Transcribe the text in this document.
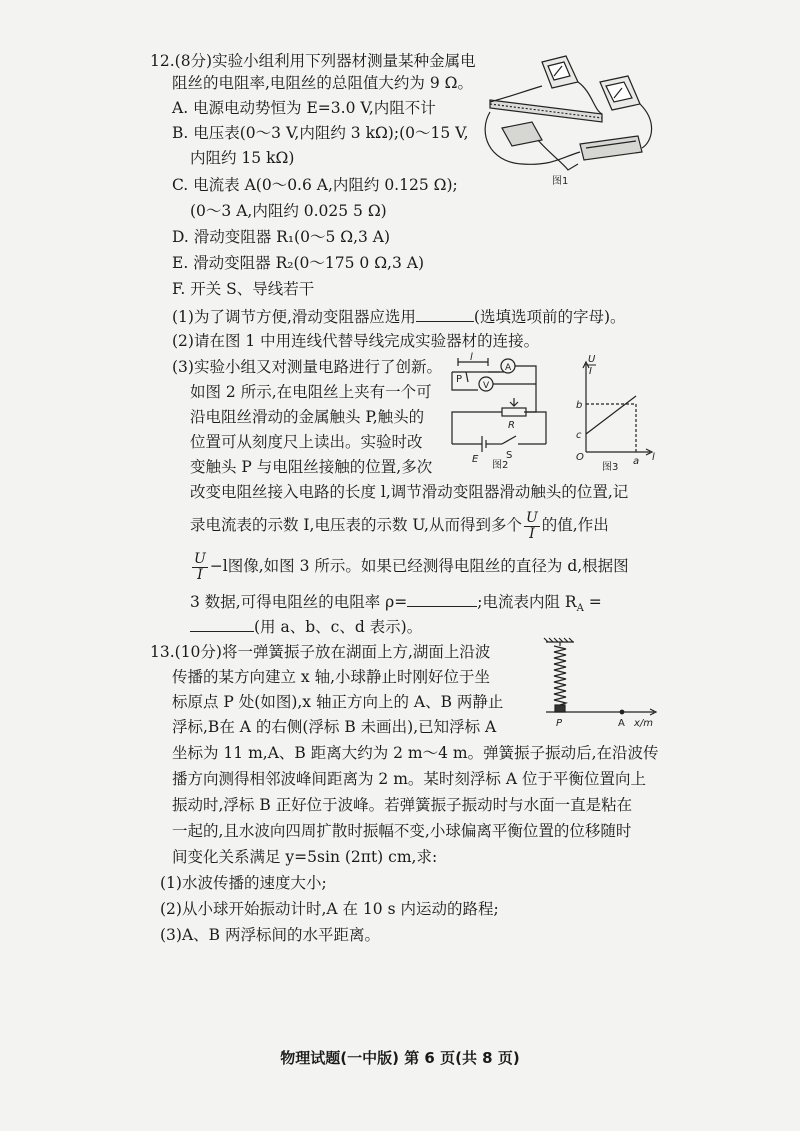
12.(8分)实验小组利用下列器材测量某种金属电
阻丝的电阻率,电阻丝的总阻值大约为 9 Ω。
A. 电源电动势恒为 E=3.0 V,内阻不计
B. 电压表(0～3 V,内阻约 3 kΩ);(0～15 V,
内阻约 15 kΩ)
C. 电流表 A(0～0.6 A,内阻约 0.125 Ω);
(0～3 A,内阻约 0.025 5 Ω)
D. 滑动变阻器 R₁(0～5 Ω,3 A)
E. 滑动变阻器 R₂(0～175 0 Ω,3 A)
F. 开关 S、导线若干
(1)为了调节方便,滑动变阻器应选用	(选填选项前的字母)。
(2)请在图 1 中用连线代替导线完成实验器材的连接。
(3)实验小组又对测量电路进行了创新。
如图 2 所示,在电阻丝上夹有一个可
沿电阻丝滑动的金属触头 P,触头的
位置可从刻度尺上读出。实验时改
变触头 P 与电阻丝接触的位置,多次
改变电阻丝接入电路的长度 l,调节滑动变阻器滑动触头的位置,记
录电流表的示数 I,电压表的示数 U,从而得到多个 $\frac{U}{I}$ 的值,作出
$\frac{U}{I} -l$图像,如图 3 所示。如果已经测得电阻丝的直径为 d,根据图
3 数据,可得电阻丝的电阻率 ρ=	;电流表内阻 $R_A$ =
(用 a、b、c、d 表示)。
图1
l
P
A
V
R
E	S
图2
U
I
b
c
O	a l
图3
13.(10分)将一弹簧振子放在湖面上方,湖面上沿波
传播的某方向建立 x 轴,小球静止时刚好位于坐
标原点 P 处(如图),x 轴正方向上的 A、B 两静止
浮标,B在 A 的右侧(浮标 B 未画出),已知浮标 A
坐标为 11 m,A、B 距离大约为 2 m～4 m。弹簧振子振动后,在沿波传
播方向测得相邻波峰间距离为 2 m。某时刻浮标 A 位于平衡位置向上
振动时,浮标 B 正好位于波峰。若弹簧振子振动时与水面一直是粘在
一起的,且水波向四周扩散时振幅不变,小球偏离平衡位置的位移随时
间变化关系满足 y=5sin (2πt) cm,求:
(1)水波传播的速度大小;
(2)从小球开始振动计时,A 在 10 s 内运动的路程;
(3)A、B 两浮标间的水平距离。
P	A x/m
物理试题(一中版) 第 6 页(共 8 页)
